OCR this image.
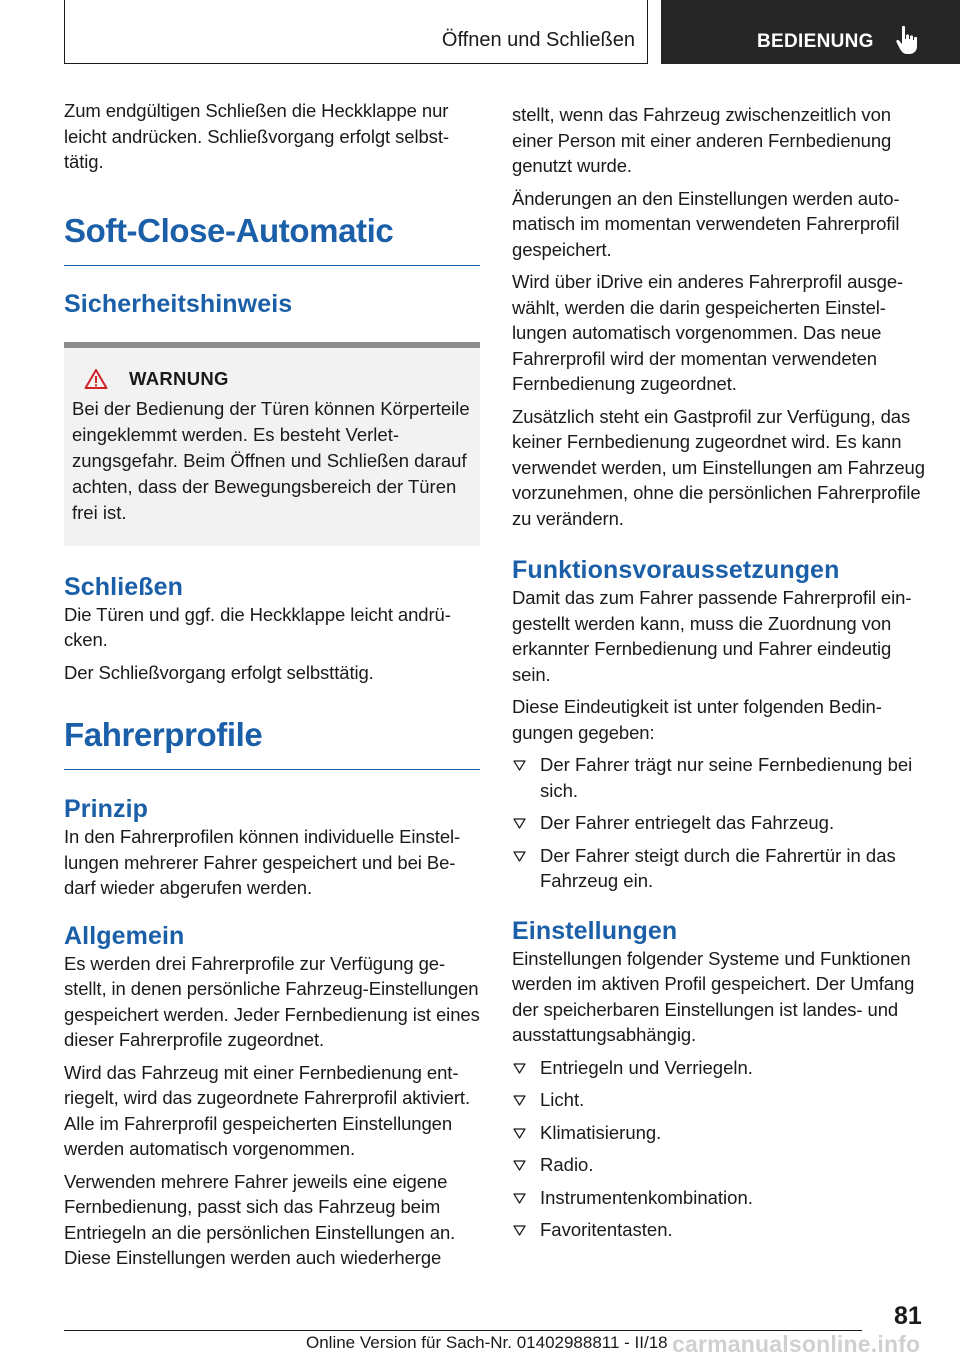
Öffnen und Schließen	BEDIENUNG

Zum endgültigen Schließen die Heckklappe nur leicht andrücken. Schließvorgang erfolgt selbsttätig.

Soft-Close-Automatic
Sicherheitshinweis
WARNUNG

Bei der Bedienung der Türen können Körperteile eingeklemmt werden. Es besteht Verletzungsgefahr. Beim Öffnen und Schließen darauf achten, dass der Bewegungsbereich der Türen frei ist.

Schließen

Die Türen und ggf. die Heckklappe leicht andrücken.

Der Schließvorgang erfolgt selbsttätig.

Fahrerprofile
Prinzip

In den Fahrerprofilen können individuelle Einstellungen mehrerer Fahrer gespeichert und bei Bedarf wieder abgerufen werden.

Allgemein

Es werden drei Fahrerprofile zur Verfügung gestellt, in denen persönliche Fahrzeug-Einstellungen gespeichert werden. Jeder Fernbedienung ist eines dieser Fahrerprofile zugeordnet.

Wird das Fahrzeug mit einer Fernbedienung entriegelt, wird das zugeordnete Fahrerprofil aktiviert. Alle im Fahrerprofil gespeicherten Einstellungen werden automatisch vorgenommen.

Verwenden mehrere Fahrer jeweils eine eigene Fernbedienung, passt sich das Fahrzeug beim Entriegeln an die persönlichen Einstellungen an. Diese Einstellungen werden auch wiederherge

stellt, wenn das Fahrzeug zwischenzeitlich von einer Person mit einer anderen Fernbedienung genutzt wurde.

Änderungen an den Einstellungen werden automatisch im momentan verwendeten Fahrerprofil gespeichert.

Wird über iDrive ein anderes Fahrerprofil ausgewählt, werden die darin gespeicherten Einstellungen automatisch vorgenommen. Das neue Fahrerprofil wird der momentan verwendeten Fernbedienung zugeordnet.

Zusätzlich steht ein Gastprofil zur Verfügung, das keiner Fernbedienung zugeordnet wird. Es kann verwendet werden, um Einstellungen am Fahrzeug vorzunehmen, ohne die persönlichen Fahrerprofile zu verändern.

Funktionsvoraussetzungen

Damit das zum Fahrer passende Fahrerprofil eingestellt werden kann, muss die Zuordnung von erkannter Fernbedienung und Fahrer eindeutig sein.

Diese Eindeutigkeit ist unter folgenden Bedingungen gegeben:

Der Fahrer trägt nur seine Fernbedienung bei sich.
Der Fahrer entriegelt das Fahrzeug.
Der Fahrer steigt durch die Fahrertür in das Fahrzeug ein.
Einstellungen

Einstellungen folgender Systeme und Funktionen werden im aktiven Profil gespeichert. Der Umfang der speicherbaren Einstellungen ist landes- und ausstattungsabhängig.

Entriegeln und Verriegeln.
Licht.
Klimatisierung.
Radio.
Instrumentenkombination.
Favoritentasten.
81
Online Version für Sach-Nr. 01402988811 - II/18 carmanualsonline.info
